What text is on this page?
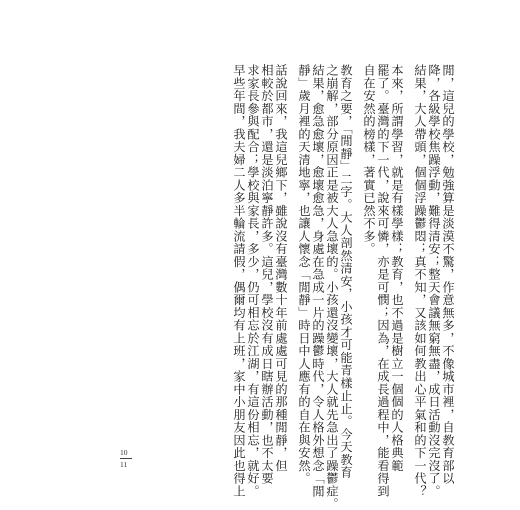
閒，這兒的學校，勉強算是淡漠不驚，作意無多，不像城市裡，自教育部以
降，各級學校焦躁浮動，難得清安；整天會議無窮無盡，成日活動沒完沒了。
結果，大人帶頭，個個浮躁鬱悶；真不知，又該如何教出心平氣和的下一代？
本來，所謂學習，就是有樣學樣；教育，也不過是樹立一個個的人格典範
罷了。臺灣的下一代，說來可憐，亦是可憫；因為，在成長過程中，能看得到
自在安然的榜樣，著實已然不多。
教育之要，「閒靜」二字。大人剖然清安，小孩才可能青樣止止。今天教育
之崩解，部分原因正是被大人急壞的。小孩還沒變壞，大人就先急出了躁鬱症。
結果，愈急愈壞，愈壞愈急，身處在急成一片的躁鬱時代，令人格外想念「閒
靜」歲月裡的天清地寧，也讓人懷念「閒靜」時日中人應有的自在與安然。
話說回來，我這兒鄉下，雖說沒有臺灣數十年前處處可見的那種閒靜，但
相較於都市，還是淡泊寧靜許多。這兒，學校沒有成日瞎辦活動，也不太要
求家長參與配合；學校與家長，多少，仍可相忘於江湖，有這份相忘，就好。
早些年間，我夫婦二人多半輪流請假，偶爾均有上班，家中小朋友因此也得上
10
11
